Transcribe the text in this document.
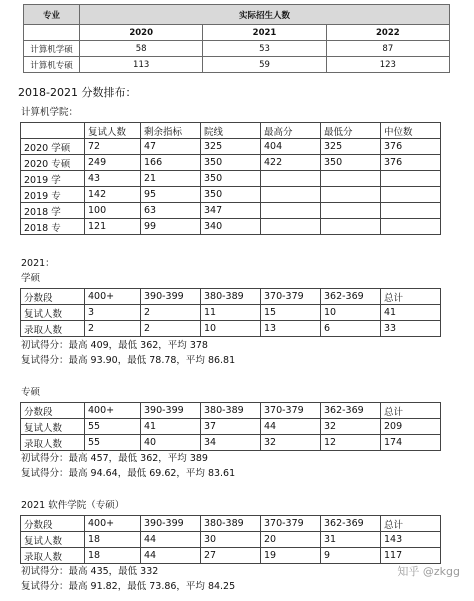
专业	实际招生人数		
	2020	2021	2022
计算机学硕	58	53	87
计算机专硕	113	59	123
2018-2021 分数排布：
计算机学院：
	复试人数	剩余指标	院线	最高分	最低分	中位数
2020 学硕	72	47	325	404	325	376
2020 专硕	249	166	350	422	350	376
2019 学	43	21	350			
2019 专	142	95	350			
2018 学	100	63	347			
2018 专	121	99	340			
2021：
学硕
分数段	400+	390-399	380-389	370-379	362-369	总计
复试人数	3	2	11	15	10	41
录取人数	2	2	10	13	6	33
初试得分：最高 409，最低 362，平均 378
复试得分：最高 93.90，最低 78.78，平均 86.81
专硕
分数段	400+	390-399	380-389	370-379	362-369	总计
复试人数	55	41	37	44	32	209
录取人数	55	40	34	32	12	174
初试得分：最高 457，最低 362，平均 389
复试得分：最高 94.64，最低 69.62，平均 83.61
2021 软件学院（专硕）
分数段	400+	390-399	380-389	370-379	362-369	总计
复试人数	18	44	30	20	31	143
录取人数	18	44	27	19	9	117
初试得分：最高 435，最低 332
复试得分：最高 91.82，最低 73.86，平均 84.25
知乎 @zkgg
